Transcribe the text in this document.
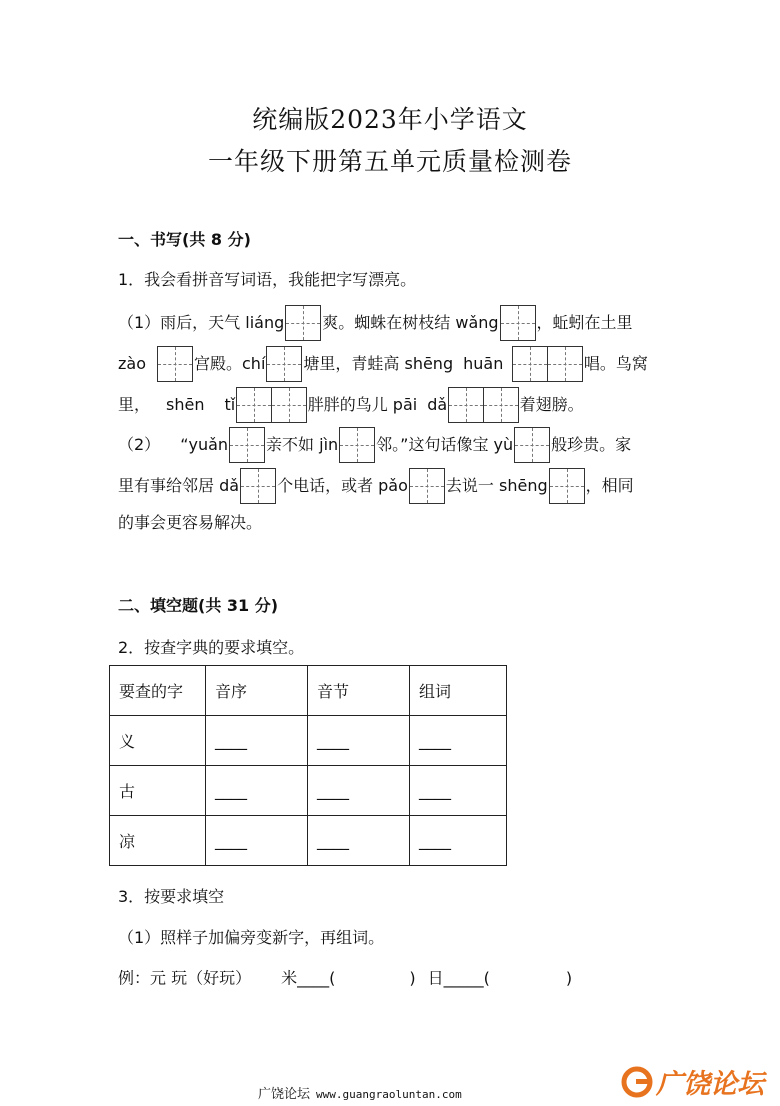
统编版2023年小学语文
一年级下册第五单元质量检测卷
一、书写(共 8 分)
1．我会看拼音写词语，我能把字写漂亮。
（1）雨后，天气 liáng 爽。蜘蛛在树枝结 wǎng ，蚯蚓在土里
zào	宫殿。chí 塘里，青蛙高 shēng huān	唱。鸟窝
里， shēn tǐ	胖胖的鸟儿 pāi dǎ	着翅膀。
（2） “yuǎn 亲不如 jìn 邻。”这句话像宝 yù 般珍贵。家
里有事给邻居 dǎ 个电话，或者 pǎo 去说一 shēng ，相同
的事会更容易解决。
二、填空题(共 31 分)
2．按查字典的要求填空。
要查的字	音序	音节	组词
义	____	____	____
古	____	____	____
凉	____	____	____
3．按要求填空
（1）照样子加偏旁变新字，再组词。
例：元 玩（好玩） 米____(	) 日_____(	)
广饶论坛 www.guangraoluntan.com	广饶论坛
